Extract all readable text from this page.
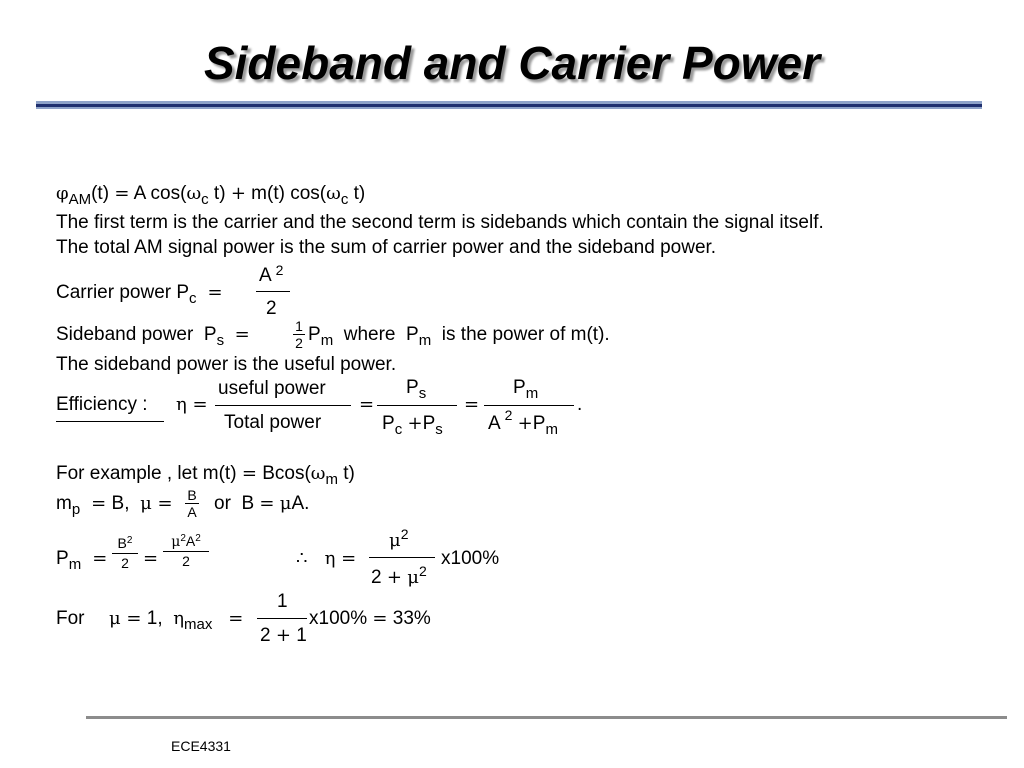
Sideband and Carrier Power
$\varphi_{AM}(t) = A$ $\cos(\omega_c$ t) + m(t) $\cos(\omega_c$ t)
The first term is the carrier and the second term is sidebands which contain the signal itself.
The total AM signal power is the sum of carrier power and the sideband power.
Carrier power $P_c$  =
A $^2$
2
Sideband power  $P_s$ =	1
2 $P_m$ where  $P_m$ is the power of m(t).
The sideband power is the useful power.
Efficiency : η =
useful power
Total power
=
$P_s$
$P_c +P_s$
=
$P_m$
A $^2 +P_m$
.
For example , let $m(t) = Bcos(\omega_m$ t)
$m_p = B$,  μ = B
A or  B = μA.
$P_m$  =
$B^2$
2 =
$\mu^2A^2$
2	∴   η =
$\mu^2$
$2 + \mu^2$
x100%
For μ = 1,  $\eta_{max}$ =
1
2 + 1
x100% = 33%
ECE4331
